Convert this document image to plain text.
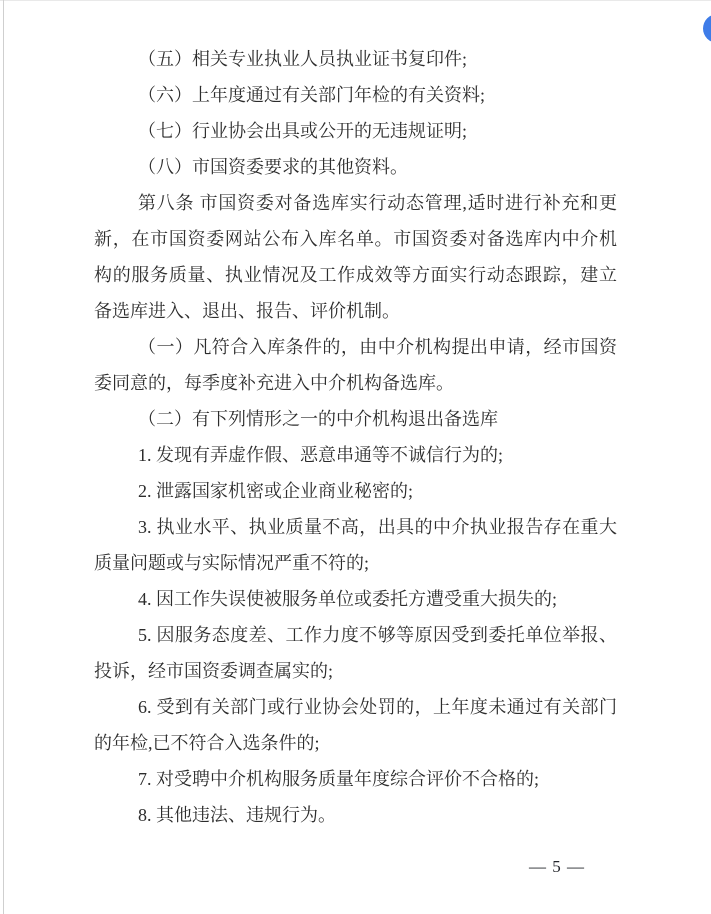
（五）相关专业执业人员执业证书复印件;
（六）上年度通过有关部门年检的有关资料;
（七）行业协会出具或公开的无违规证明;
（八）市国资委要求的其他资料。
第八条 市国资委对备选库实行动态管理,适时进行补充和更
新，在市国资委网站公布入库名单。市国资委对备选库内中介机
构的服务质量、执业情况及工作成效等方面实行动态跟踪，建立
备选库进入、退出、报告、评价机制。
（一）凡符合入库条件的，由中介机构提出申请，经市国资
委同意的，每季度补充进入中介机构备选库。
（二）有下列情形之一的中介机构退出备选库
1. 发现有弄虚作假、恶意串通等不诚信行为的;
2. 泄露国家机密或企业商业秘密的;
3. 执业水平、执业质量不高，出具的中介执业报告存在重大
质量问题或与实际情况严重不符的;
4. 因工作失误使被服务单位或委托方遭受重大损失的;
5. 因服务态度差、工作力度不够等原因受到委托单位举报、
投诉，经市国资委调查属实的;
6. 受到有关部门或行业协会处罚的，上年度未通过有关部门
的年检,已不符合入选条件的;
7. 对受聘中介机构服务质量年度综合评价不合格的;
8. 其他违法、违规行为。
— 5 —
